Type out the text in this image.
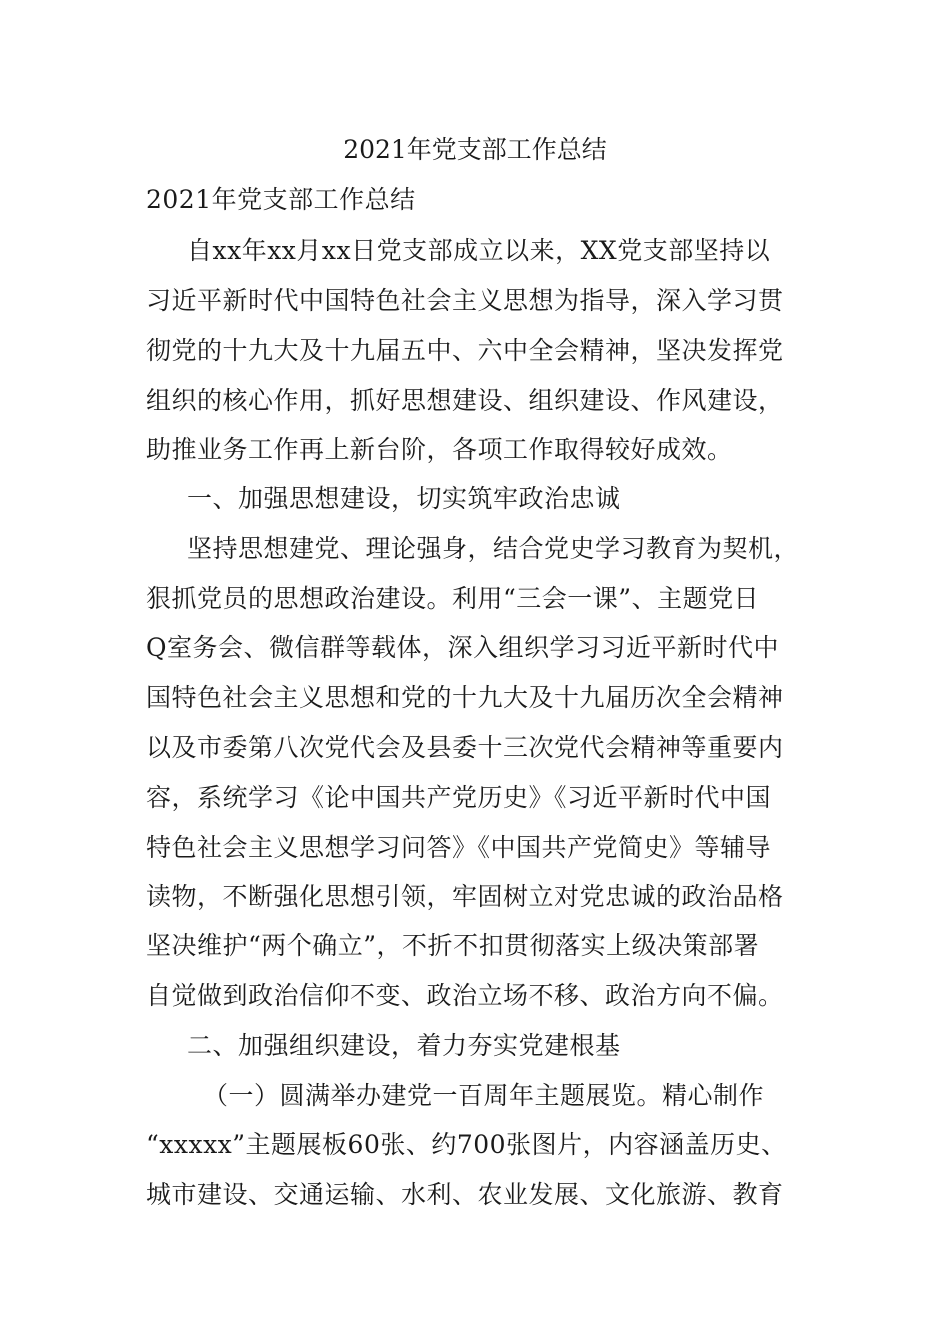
2021年党支部工作总结
2021年党支部工作总结
自xx年xx月xx日党支部成立以来，XX党支部坚持以
习近平新时代中国特色社会主义思想为指导，深入学习贯
彻党的十九大及十九届五中、六中全会精神，坚决发挥党
组织的核心作用，抓好思想建设、组织建设、作风建设，
助推业务工作再上新台阶，各项工作取得较好成效。
一、加强思想建设，切实筑牢政治忠诚
坚持思想建党、理论强身，结合党史学习教育为契机，
狠抓党员的思想政治建设。利用“三会一课”、主题党日
Q室务会、微信群等载体，深入组织学习习近平新时代中
国特色社会主义思想和党的十九大及十九届历次全会精神
以及市委第八次党代会及县委十三次党代会精神等重要内
容，系统学习《论中国共产党历史》《习近平新时代中国
特色社会主义思想学习问答》《中国共产党简史》等辅导
读物，不断强化思想引领，牢固树立对党忠诚的政治品格
坚决维护“两个确立”，不折不扣贯彻落实上级决策部署
自觉做到政治信仰不变、政治立场不移、政治方向不偏。
二、加强组织建设，着力夯实党建根基
（一）圆满举办建党一百周年主题展览。精心制作
“xxxxx”主题展板60张、约700张图片，内容涵盖历史、
城市建设、交通运输、水利、农业发展、文化旅游、教育
